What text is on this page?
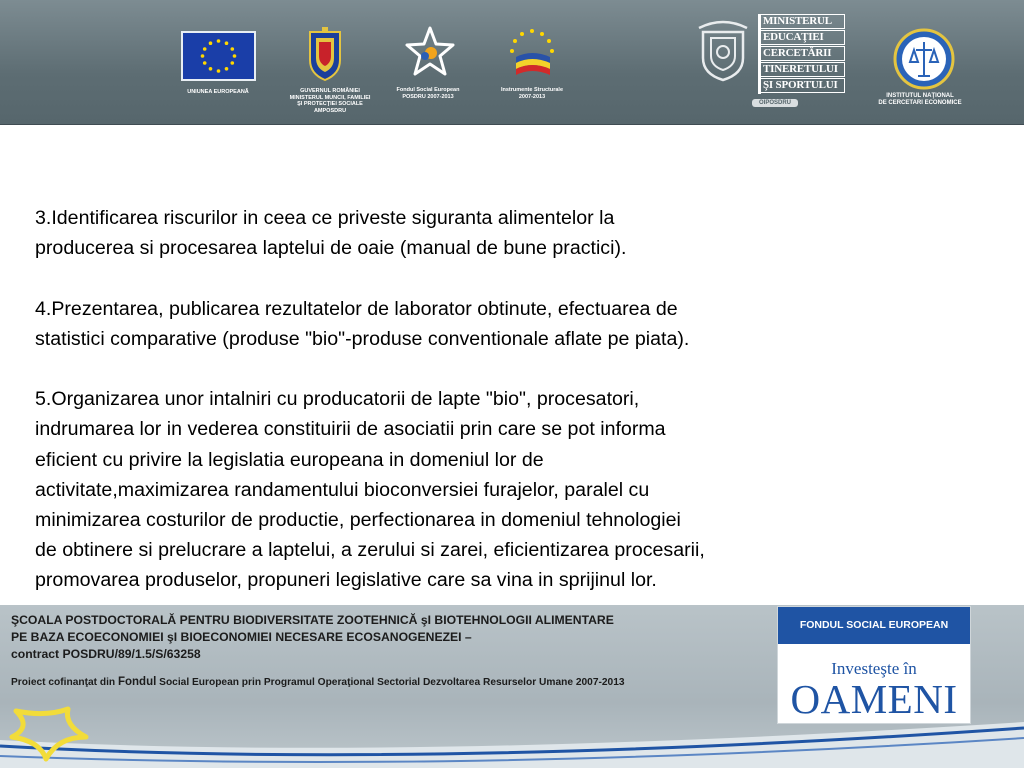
UNIUNEA EUROPEANĂ	GUVERNUL ROMÂNIEI
MINISTERUL MUNCII, FAMILIEI
ŞI PROTECŢIEI SOCIALE
AMPOSDRU
Fondul Social European
POSDRU 2007-2013
Instrumente Structurale
2007-2013
MINISTERUL
EDUCAŢIEI
CERCETĂRII
TINERETULUI
ŞI SPORTULUI
OIPOSDRU
INSTITUTUL NAŢIONAL
DE CERCETARI ECONOMICE

3.Identificarea riscurilor in ceea ce priveste siguranta alimentelor la
producerea si procesarea laptelui de oaie (manual de bune practici).

4.Prezentarea, publicarea rezultatelor de laborator obtinute, efectuarea de
statistici comparative (produse "bio"-produse conventionale aflate pe piata).

5.Organizarea unor intalniri cu producatorii de lapte "bio", procesatori,
indrumarea lor in vederea constituirii de asociatii prin care se pot informa
eficient cu privire la legislatia europeana in domeniul lor de
activitate,maximizarea randamentului bioconversiei furajelor, paralel cu
minimizarea costurilor de productie, perfectionarea in domeniul tehnologiei
de obtinere si prelucrare a laptelui, a zerului si zarei, eficientizarea procesarii,
promovarea produselor, propuneri legislative care sa vina in sprijinul lor.

ŞCOALA POSTDOCTORALĂ PENTRU BIODIVERSITATE ZOOTEHNICĂ şI BIOTEHNOLOGII ALIMENTARE
PE BAZA ECOECONOMIEI şI BIOECONOMIEI NECESARE ECOSANOGENEZEI –
contract POSDRU/89/1.5/S/63258
Proiect cofinanţat din Fondul Social European prin Programul Operaţional Sectorial Dezvoltarea Resurselor Umane 2007-2013
FONDUL SOCIAL EUROPEAN
Investeşte în
OAMENI
